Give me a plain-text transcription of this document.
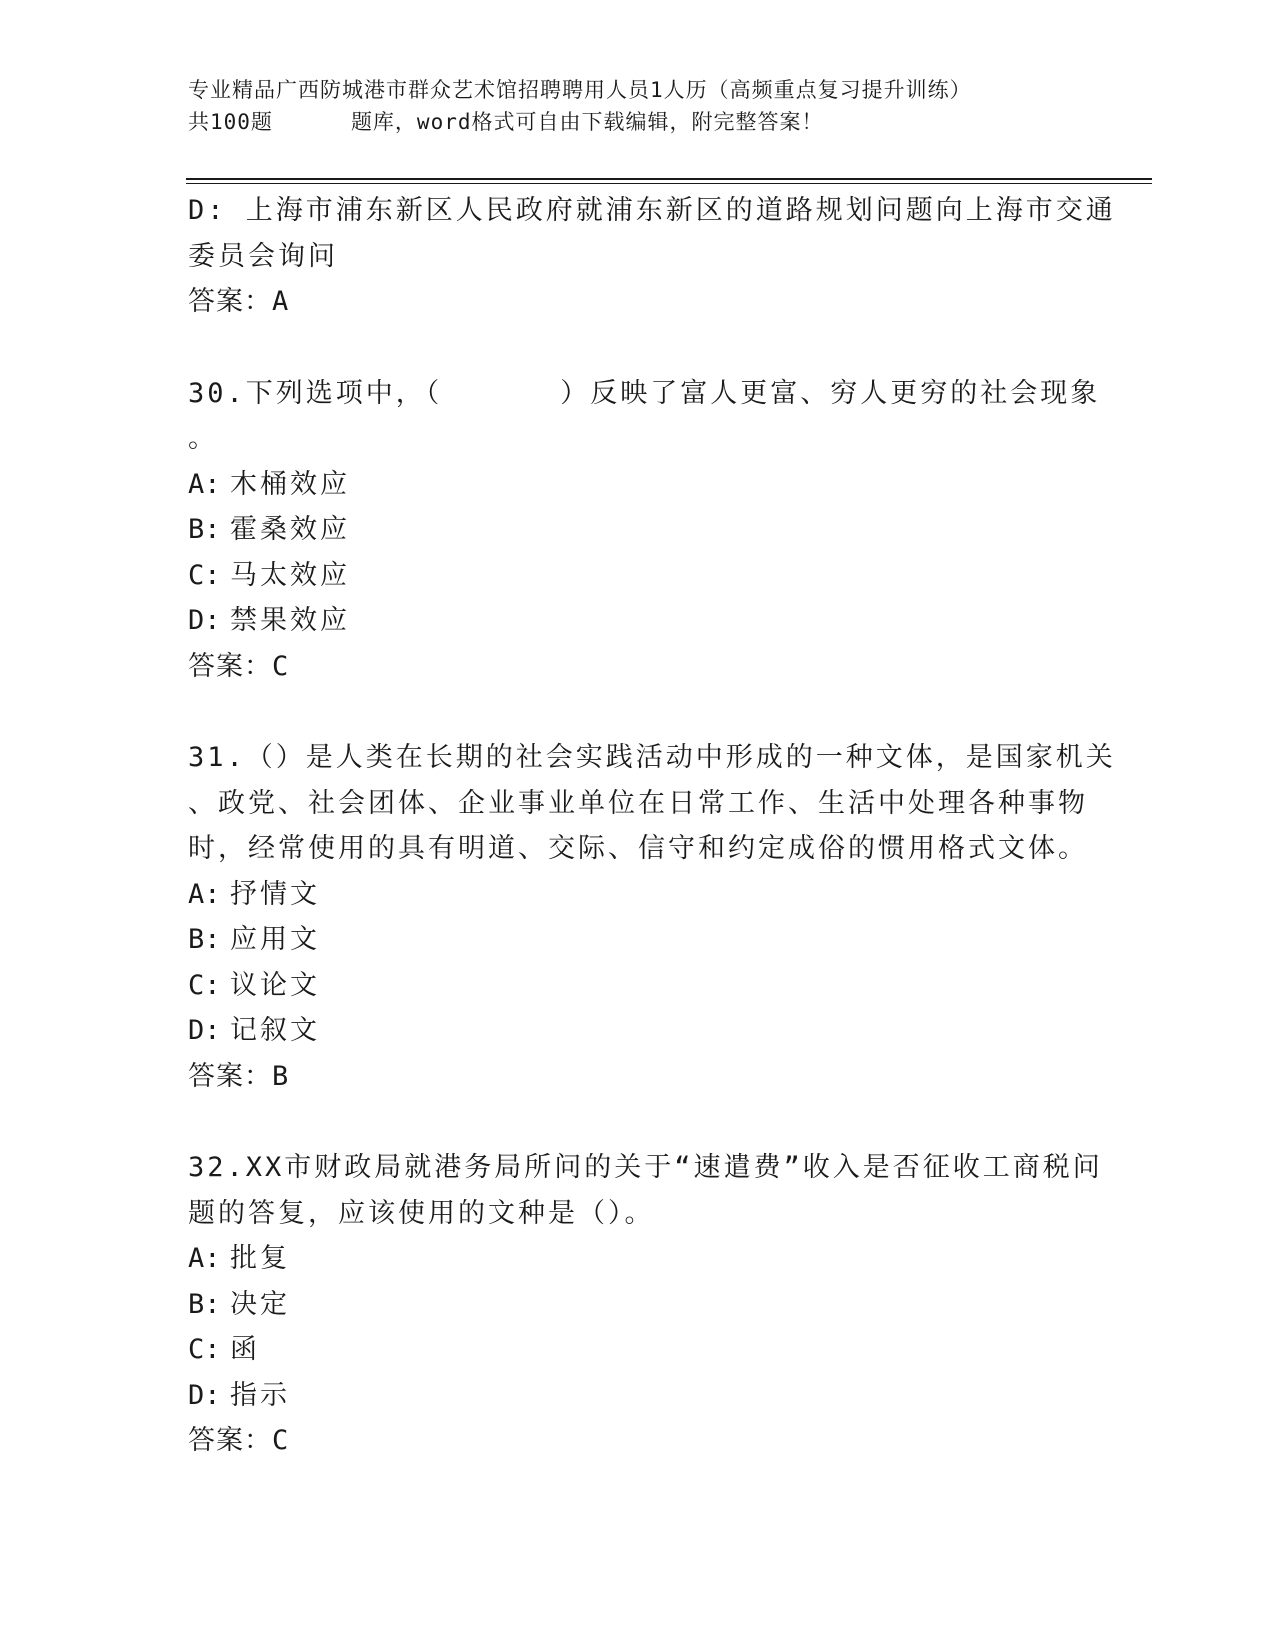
专业精品广西防城港市群众艺术馆招聘聘用人员1人历（高频重点复习提升训练）
共100题	题库，word格式可自由下载编辑，附完整答案！
D: 上海市浦东新区人民政府就浦东新区的道路规划问题向上海市交通
委员会询问
答案：A
30.下列选项中，（	）反映了富人更富、穷人更穷的社会现象
。
A: 木桶效应
B: 霍桑效应
C: 马太效应
D: 禁果效应
答案：C
31.（）是人类在长期的社会实践活动中形成的一种文体，是国家机关
、政党、社会团体、企业事业单位在日常工作、生活中处理各种事物
时，经常使用的具有明道、交际、信守和约定成俗的惯用格式文体。
A: 抒情文
B: 应用文
C: 议论文
D: 记叙文
答案：B
32.XX市财政局就港务局所问的关于“速遣费”收入是否征收工商税问
题的答复，应该使用的文种是（）。
A: 批复
B: 决定
C: 函
D: 指示
答案：C
